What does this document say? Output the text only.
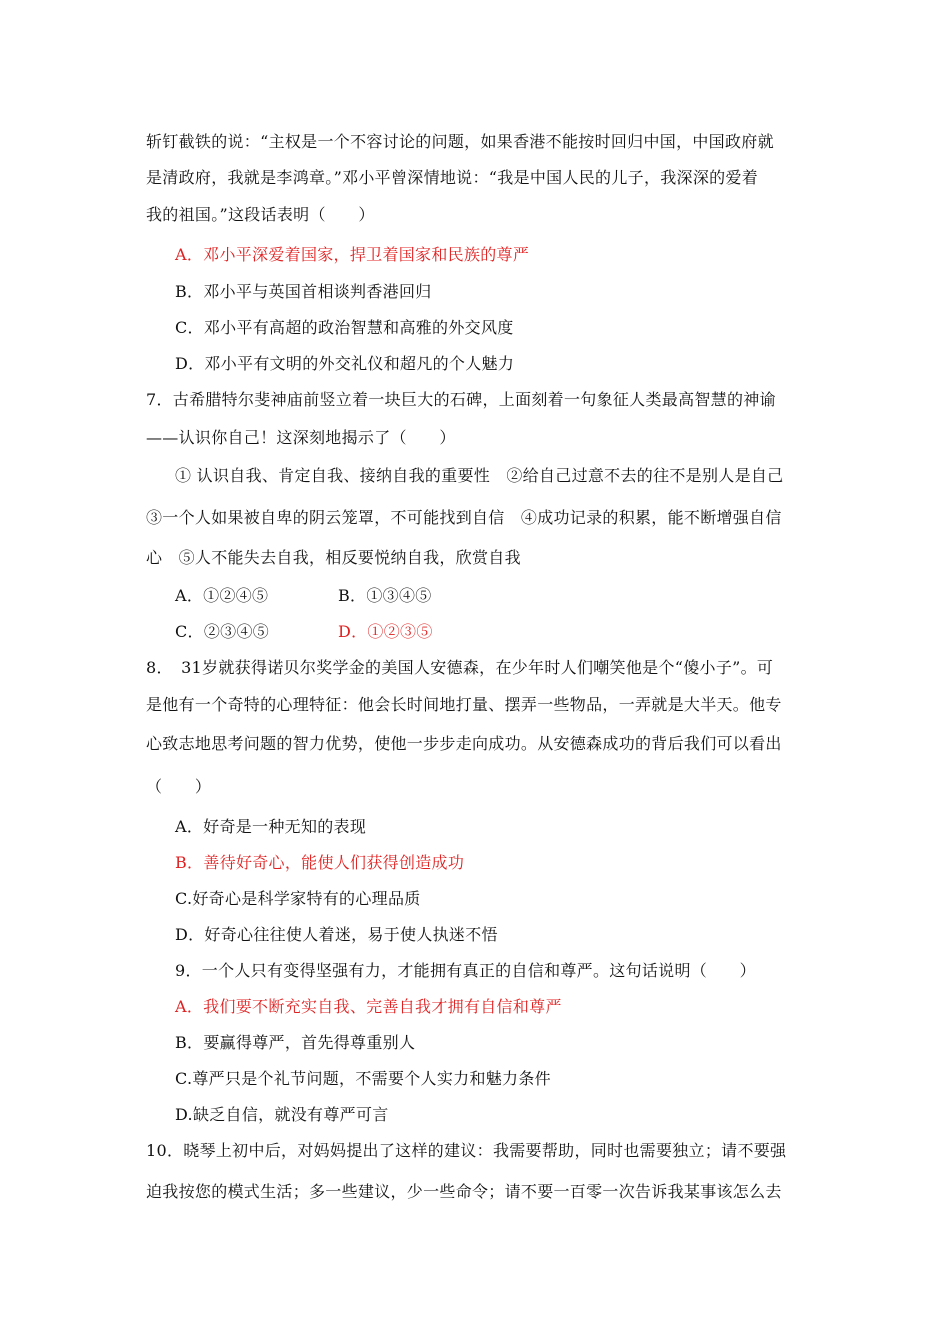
斩钉截铁的说：“主权是一个不容讨论的问题，如果香港不能按时回归中国，中国政府就
是清政府，我就是李鸿章。”邓小平曾深情地说：“我是中国人民的儿子，我深深的爱着
我的祖国。”这段话表明（　　）
A．邓小平深爱着国家，捍卫着国家和民族的尊严
B．邓小平与英国首相谈判香港回归
C．邓小平有高超的政治智慧和高雅的外交风度
D．邓小平有文明的外交礼仪和超凡的个人魅力
7．古希腊特尔斐神庙前竖立着一块巨大的石碑，上面刻着一句象征人类最高智慧的神谕
——认识你自己！这深刻地揭示了（　　）
① 认识自我、肯定自我、接纳自我的重要性　②给自己过意不去的往不是别人是自己
③一个人如果被自卑的阴云笼罩，不可能找到自信　④成功记录的积累，能不断增强自信
心　⑤人不能失去自我，相反要悦纳自我，欣赏自我
A．①②④⑤	B．①③④⑤
C．②③④⑤	D．①②③⑤
8．　31岁就获得诺贝尔奖学金的美国人安德森，在少年时人们嘲笑他是个“傻小子”。可
是他有一个奇特的心理特征：他会长时间地打量、摆弄一些物品，一弄就是大半天。他专
心致志地思考问题的智力优势，使他一步步走向成功。从安德森成功的背后我们可以看出
（　　）
A．好奇是一种无知的表现
B．善待好奇心，能使人们获得创造成功
C.好奇心是科学家特有的心理品质
D．好奇心往往使人着迷，易于使人执迷不悟
9．一个人只有变得坚强有力，才能拥有真正的自信和尊严。这句话说明（　　）
A．我们要不断充实自我、完善自我才拥有自信和尊严
B．要赢得尊严，首先得尊重别人
C.尊严只是个礼节问题，不需要个人实力和魅力条件
D.缺乏自信，就没有尊严可言
10．晓琴上初中后，对妈妈提出了这样的建议：我需要帮助，同时也需要独立；请不要强
迫我按您的模式生活；多一些建议，少一些命令；请不要一百零一次告诉我某事该怎么去
